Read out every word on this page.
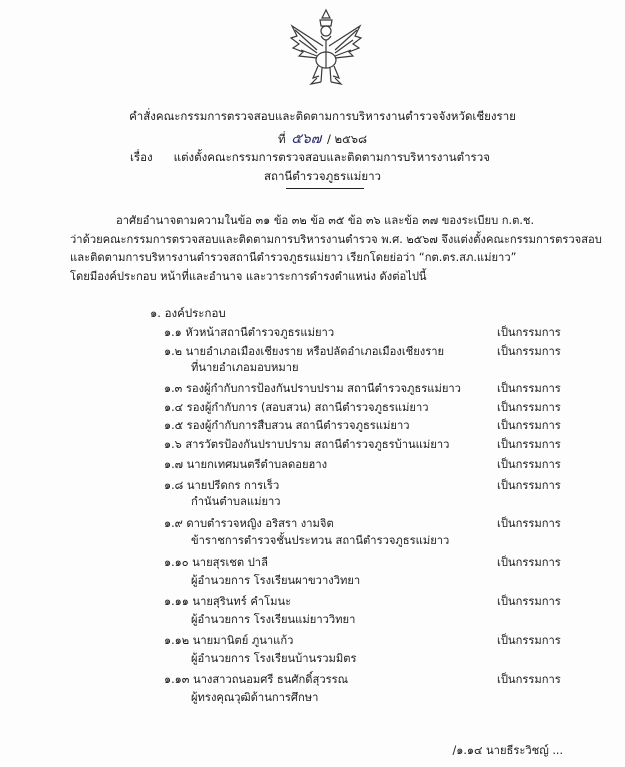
คำสั่งคณะกรรมการตรวจสอบและติดตามการบริหารงานตำรวจจังหวัดเชียงราย
ที่ ๕๖๗ / ๒๕๖๘
เรื่อง แต่งตั้งคณะกรรมการตรวจสอบและติดตามการบริหารงานตำรวจ
สถานีตำรวจภูธรแม่ยาว
อาศัยอำนาจตามความในข้อ ๓๑ ข้อ ๓๒ ข้อ ๓๕ ข้อ ๓๖ และข้อ ๓๗ ของระเบียบ ก.ต.ช.
ว่าด้วยคณะกรรมการตรวจสอบและติดตามการบริหารงานตำรวจ พ.ศ. ๒๕๖๗ จึงแต่งตั้งคณะกรรมการตรวจสอบ
และติดตามการบริหารงานตำรวจสถานีตำรวจภูธรแม่ยาว เรียกโดยย่อว่า “กต.ตร.สภ.แม่ยาว”
โดยมีองค์ประกอบ หน้าที่และอำนาจ และวาระการดำรงตำแหน่ง ดังต่อไปนี้
๑. องค์ประกอบ
๑.๑ หัวหน้าสถานีตำรวจภูธรแม่ยาว	เป็นกรรมการ
๑.๒ นายอำเภอเมืองเชียงราย หรือปลัดอำเภอเมืองเชียงราย	เป็นกรรมการ
ที่นายอำเภอมอบหมาย
๑.๓ รองผู้กำกับการป้องกันปราบปราม สถานีตำรวจภูธรแม่ยาว	เป็นกรรมการ
๑.๔ รองผู้กำกับการ (สอบสวน) สถานีตำรวจภูธรแม่ยาว	เป็นกรรมการ
๑.๕ รองผู้กำกับการสืบสวน สถานีตำรวจภูธรแม่ยาว	เป็นกรรมการ
๑.๖ สารวัตรป้องกันปราบปราม สถานีตำรวจภูธรบ้านแม่ยาว	เป็นกรรมการ
๑.๗ นายกเทศมนตรีตำบลดอยฮาง	เป็นกรรมการ
๑.๘ นายปรีดกร การเร็ว	เป็นกรรมการ
กำนันตำบลแม่ยาว
๑.๙ ดาบตำรวจหญิง อริสรา งามจิต	เป็นกรรมการ
ข้าราชการตำรวจชั้นประทวน สถานีตำรวจภูธรแม่ยาว
๑.๑๐ นายสุรเชต ปาลี	เป็นกรรมการ
ผู้อำนวยการ โรงเรียนผาขวางวิทยา
๑.๑๑ นายสุรินทร์ คำโมนะ	เป็นกรรมการ
ผู้อำนวยการ โรงเรียนแม่ยาววิทยา
๑.๑๒ นายมานิตย์ ภูนาแก้ว	เป็นกรรมการ
ผู้อำนวยการ โรงเรียนบ้านรวมมิตร
๑.๑๓ นางสาวถนอมศรี ธนศักดิ์สุวรรณ	เป็นกรรมการ
ผู้ทรงคุณวุฒิด้านการศึกษา
/๑.๑๔ นายธีระวิชญ์ ...
